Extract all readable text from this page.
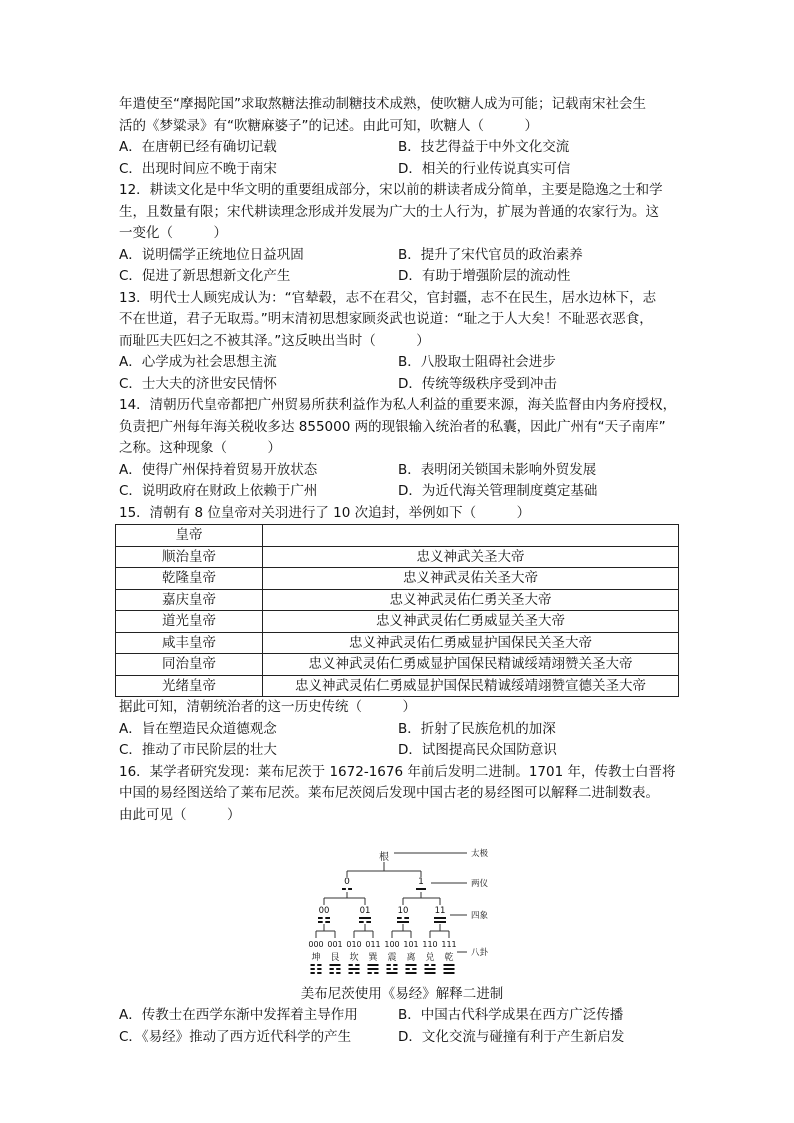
年遣使至“摩揭陀国”求取熬糖法推动制糖技术成熟，使吹糖人成为可能；记载南宋社会生
活的《梦粱录》有“吹糖麻婆子”的记述。由此可知，吹糖人（　　　）
A．在唐朝已经有确切记载	B．技艺得益于中外文化交流
C．出现时间应不晚于南宋	D．相关的行业传说真实可信
12．耕读文化是中华文明的重要组成部分，宋以前的耕读者成分简单，主要是隐逸之士和学
生，且数量有限；宋代耕读理念形成并发展为广大的士人行为，扩展为普通的农家行为。这
一变化（　　　）
A．说明儒学正统地位日益巩固	B．提升了宋代官员的政治素养
C．促进了新思想新文化产生	D．有助于增强阶层的流动性
13．明代士人顾宪成认为：“官辇毂，志不在君父，官封疆，志不在民生，居水边林下，志
不在世道，君子无取焉。”明末清初思想家顾炎武也说道：“耻之于人大矣！不耻恶衣恶食，
而耻匹夫匹妇之不被其泽。”这反映出当时（　　　）
A．心学成为社会思想主流	B．八股取士阻碍社会进步
C．士大夫的济世安民情怀	D．传统等级秩序受到冲击
14．清朝历代皇帝都把广州贸易所获利益作为私人利益的重要来源，海关监督由内务府授权，
负责把广州每年海关税收多达 855000 两的现银输入统治者的私囊，因此广州有“天子南库”
之称。这种现象（　　　）
A．使得广州保持着贸易开放状态	B．表明闭关锁国未影响外贸发展
C．说明政府在财政上依赖于广州	D．为近代海关管理制度奠定基础
15．清朝有 8 位皇帝对关羽进行了 10 次追封，举例如下（　　　）
皇帝	
顺治皇帝	忠义神武关圣大帝
乾隆皇帝	忠义神武灵佑关圣大帝
嘉庆皇帝	忠义神武灵佑仁勇关圣大帝
道光皇帝	忠义神武灵佑仁勇威显关圣大帝
咸丰皇帝	忠义神武灵佑仁勇威显护国保民关圣大帝
同治皇帝	忠义神武灵佑仁勇威显护国保民精诚绥靖翊赞关圣大帝
光绪皇帝	忠义神武灵佑仁勇威显护国保民精诚绥靖翊赞宣德关圣大帝
据此可知，清朝统治者的这一历史传统（　　　）
A．旨在塑造民众道德观念	B．折射了民族危机的加深
C．推动了市民阶层的壮大	D．试图提高民众国防意识
16．某学者研究发现：莱布尼茨于 1672-1676 年前后发明二进制。1701 年，传教士白晋将
中国的易经图送给了莱布尼茨。莱布尼茨阅后发现中国古老的易经图可以解释二进制数表。
由此可见（　　　）
根
0	1
00	01	10	11
000
坤
001
艮
010
坎
011
巽
100
震
101
离
110
兑
111
乾
太极
两仪
四象
八卦
美布尼茨使用《易经》解释二进制
A．传教士在西学东渐中发挥着主导作用	B．中国古代科学成果在西方广泛传播
C．《易经》推动了西方近代科学的产生	D．文化交流与碰撞有利于产生新启发
